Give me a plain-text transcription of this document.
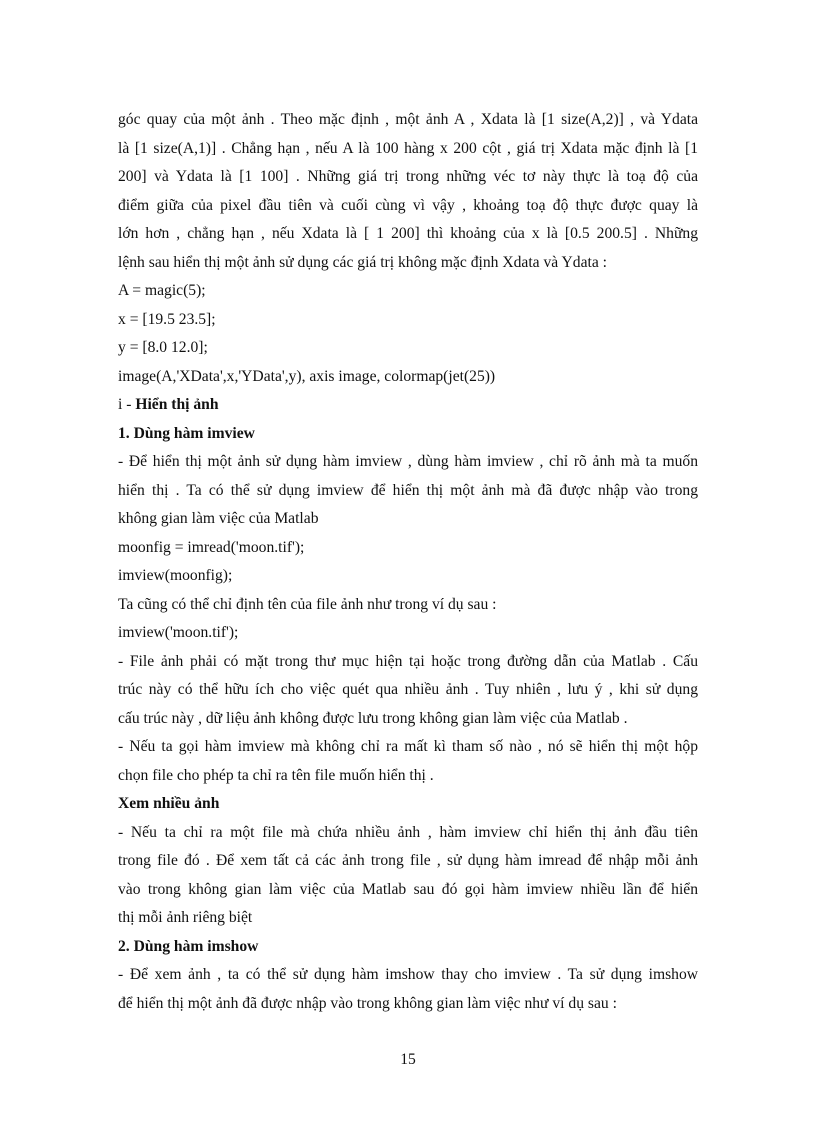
góc quay của một ảnh . Theo mặc định , một ảnh A , Xdata là [1 size(A,2)] , và Ydata
là [1 size(A,1)] . Chẳng hạn , nếu A là 100 hàng x 200 cột , giá trị Xdata mặc định là [1
200] và Ydata là [1 100] . Những giá trị trong những véc tơ này thực là toạ độ của
điểm giữa của pixel đầu tiên và cuối cùng vì vậy , khoảng toạ độ thực được quay là
lớn hơn , chẳng hạn , nếu Xdata là [ 1 200] thì khoảng của x là [0.5 200.5] . Những
lệnh sau hiển thị một ảnh sử dụng các giá trị không mặc định Xdata và Ydata :
A = magic(5);
x = [19.5 23.5];
y = [8.0 12.0];
image(A,'XData',x,'YData',y), axis image, colormap(jet(25))
i - Hiển thị ảnh
1. Dùng hàm imview
- Để hiển thị một ảnh sử dụng hàm imview , dùng hàm imview , chỉ rõ ảnh mà ta muốn
hiển thị . Ta có thể sử dụng imview để hiển thị một ảnh mà đã được nhập vào trong
không gian làm việc của Matlab
moonfig = imread('moon.tif');
imview(moonfig);
Ta cũng có thể chỉ định tên của file ảnh như trong ví dụ sau :
imview('moon.tif');
- File ảnh phải có mặt trong thư mục hiện tại hoặc trong đường dẫn của Matlab . Cấu
trúc này có thể hữu ích cho việc quét qua nhiều ảnh . Tuy nhiên , lưu ý , khi sử dụng
cấu trúc này , dữ liệu ảnh không được lưu trong không gian làm việc của Matlab .
- Nếu ta gọi hàm imview mà không chỉ ra mất kì tham số nào , nó sẽ hiển thị một hộp
chọn file cho phép ta chỉ ra tên file muốn hiển thị .
Xem nhiều ảnh
- Nếu ta chỉ ra một file mà chứa nhiều ảnh , hàm imview chỉ hiển thị ảnh đầu tiên
trong file đó . Để xem tất cả các ảnh trong file , sử dụng hàm imread để nhập mỗi ảnh
vào trong không gian làm việc của Matlab sau đó gọi hàm imview nhiều lần để hiển
thị mỗi ảnh riêng biệt
2. Dùng hàm imshow
- Để xem ảnh , ta có thể sử dụng hàm imshow thay cho imview . Ta sử dụng imshow
để hiển thị một ảnh đã được nhập vào trong không gian làm việc như ví dụ sau :
15
